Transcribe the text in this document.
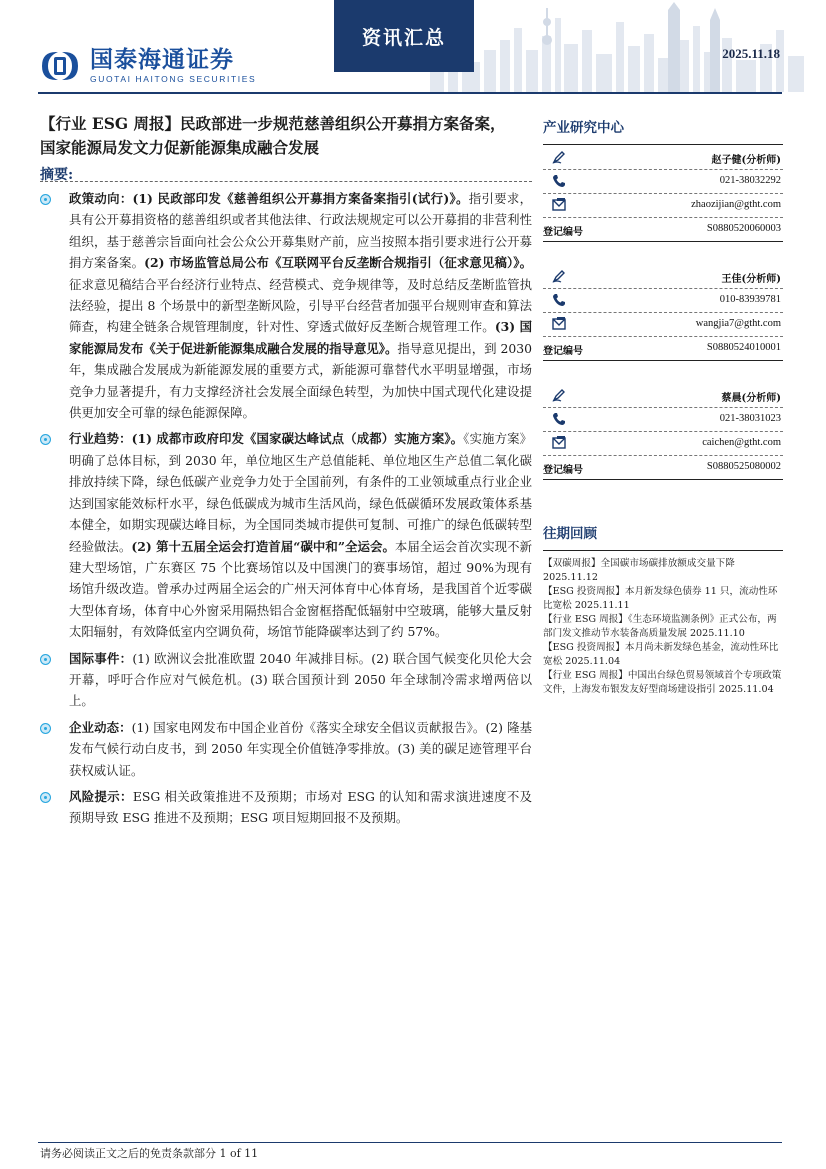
国泰海通证券
GUOTAI HAITONG SECURITIES
资讯汇总
2025.11.18
【行业 ESG 周报】民政部进一步规范慈善组织公开募捐方案备案，
国家能源局发文力促新能源集成融合发展
摘要:
政策动向：(1) 民政部印发《慈善组织公开募捐方案备案指引(试行)》。指引要求，具有公开募捐资格的慈善组织或者其他法律、行政法规规定可以公开募捐的非营利性组织，基于慈善宗旨面向社会公众公开募集财产前，应当按照本指引要求进行公开募捐方案备案。(2) 市场监管总局公布《互联网平台反垄断合规指引（征求意见稿）》。征求意见稿结合平台经济行业特点、经营模式、竞争规律等，及时总结反垄断监管执法经验，提出 8 个场景中的新型垄断风险，引导平台经营者加强平台规则审查和算法筛查，构建全链条合规管理制度，针对性、穿透式做好反垄断合规管理工作。(3) 国家能源局发布《关于促进新能源集成融合发展的指导意见》。指导意见提出，到 2030 年，集成融合发展成为新能源发展的重要方式，新能源可靠替代水平明显增强，市场竞争力显著提升，有力支撑经济社会发展全面绿色转型，为加快中国式现代化建设提供更加安全可靠的绿色能源保障。
行业趋势：(1) 成都市政府印发《国家碳达峰试点（成都）实施方案》。《实施方案》明确了总体目标，到 2030 年，单位地区生产总值能耗、单位地区生产总值二氧化碳排放持续下降，绿色低碳产业竞争力处于全国前列，有条件的工业领域重点行业企业达到国家能效标杆水平，绿色低碳成为城市生活风尚，绿色低碳循环发展政策体系基本健全，如期实现碳达峰目标，为全国同类城市提供可复制、可推广的绿色低碳转型经验做法。(2) 第十五届全运会打造首届“碳中和”全运会。本届全运会首次实现不新建大型场馆，广东赛区 75 个比赛场馆以及中国澳门的赛事场馆，超过 90%为现有场馆升级改造。曾承办过两届全运会的广州天河体育中心体育场，是我国首个近零碳大型体育场，体育中心外窗采用隔热铝合金窗框搭配低辐射中空玻璃，能够大量反射太阳辐射，有效降低室内空调负荷，场馆节能降碳率达到了约 57%。
国际事件：(1) 欧洲议会批准欧盟 2040 年减排目标。(2) 联合国气候变化贝伦大会开幕，呼吁合作应对气候危机。(3) 联合国预计到 2050 年全球制冷需求增两倍以上。
企业动态：(1) 国家电网发布中国企业首份《落实全球安全倡议贡献报告》。(2) 隆基发布气候行动白皮书，到 2050 年实现全价值链净零排放。(3) 美的碳足迹管理平台获权威认证。
风险提示：ESG 相关政策推进不及预期；市场对 ESG 的认知和需求演进速度不及预期导致 ESG 推进不及预期；ESG 项目短期回报不及预期。
产业研究中心
赵子健(分析师)
021-38032292
zhaozijian@gtht.com
登记编号	S0880520060003
王佳(分析师)
010-83939781
wangjia7@gtht.com
登记编号	S0880524010001
蔡晨(分析师)
021-38031023
caichen@gtht.com
登记编号	S0880525080002
往期回顾
【双碳周报】全国碳市场碳排放额成交量下降 2025.11.12
【ESG 投资周报】本月新发绿色债券 11 只，流动性环比宽松 2025.11.11
【行业 ESG 周报】《生态环境监测条例》正式公布，两部门发文推动节水装备高质量发展 2025.11.10
【ESG 投资周报】本月尚未新发绿色基金，流动性环比宽松 2025.11.04
【行业 ESG 周报】中国出台绿色贸易领域首个专项政策文件，上海发布银发友好型商场建设指引 2025.11.04
请务必阅读正文之后的免责条款部分 1 of 11
